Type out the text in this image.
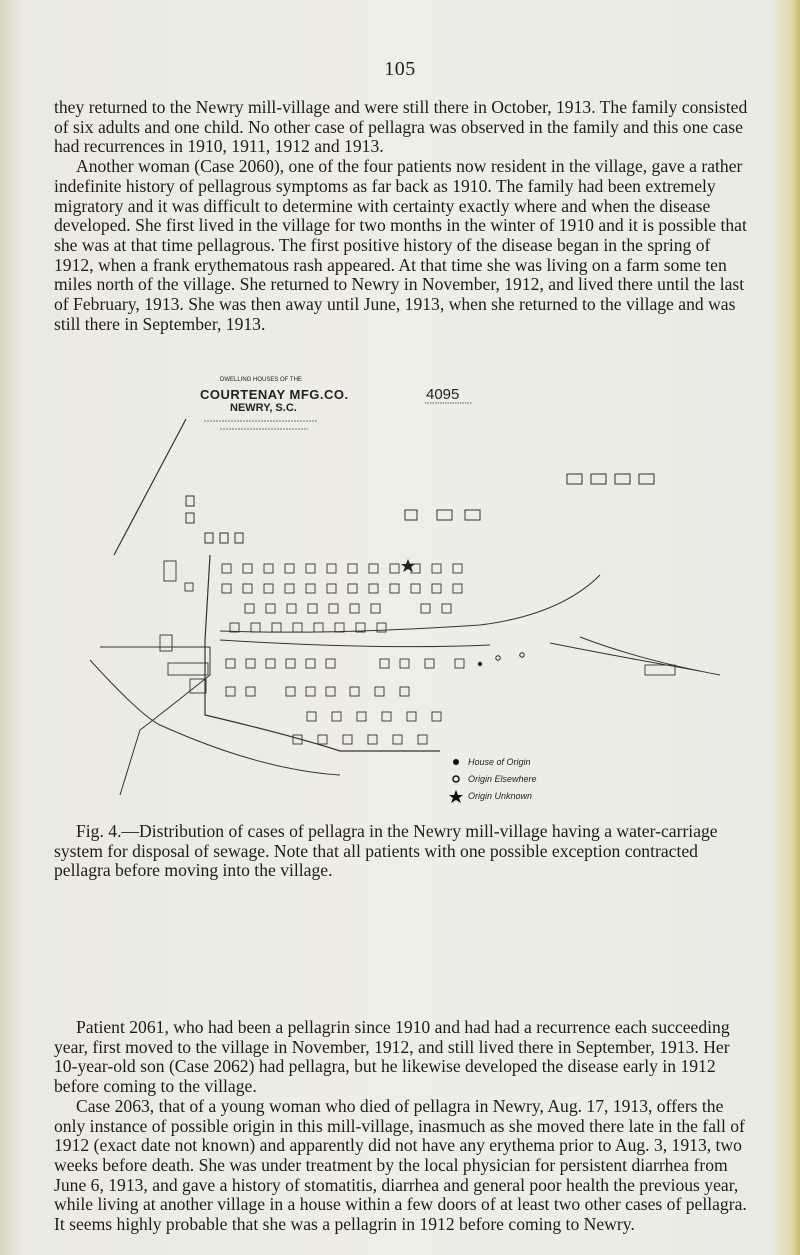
105

they returned to the Newry mill-village and were still there in October, 1913. The family consisted of six adults and one child. No other case of pellagra was observed in the family and this one case had recurrences in 1910, 1911, 1912 and 1913.

Another woman (Case 2060), one of the four patients now resident in the village, gave a rather indefinite history of pellagrous symptoms as far back as 1910. The family had been extremely migratory and it was difficult to determine with certainty exactly where and when the disease developed. She first lived in the village for two months in the winter of 1910 and it is possible that she was at that time pellagrous. The first positive history of the disease began in the spring of 1912, when a frank erythematous rash appeared. At that time she was living on a farm some ten miles north of the village. She returned to Newry in November, 1912, and lived there until the last of February, 1913. She was then away until June, 1913, when she returned to the village and was still there in September, 1913.

DWELLING HOUSES OF THE
COURTENAY MFG.CO.
NEWRY, S.C.
4095
House of Origin
Origin Elsewhere
Origin Unknown

Fig. 4.—Distribution of cases of pellagra in the Newry mill-village having a water-carriage system for disposal of sewage. Note that all patients with one possible exception contracted pellagra before moving into the village.

Patient 2061, who had been a pellagrin since 1910 and had had a recurrence each succeeding year, first moved to the village in November, 1912, and still lived there in September, 1913. Her 10-year-old son (Case 2062) had pellagra, but he likewise developed the disease early in 1912 before coming to the village.

Case 2063, that of a young woman who died of pellagra in Newry, Aug. 17, 1913, offers the only instance of possible origin in this mill-village, inasmuch as she moved there late in the fall of 1912 (exact date not known) and apparently did not have any erythema prior to Aug. 3, 1913, two weeks before death. She was under treatment by the local physician for persistent diarrhea from June 6, 1913, and gave a history of stomatitis, diarrhea and general poor health the previous year, while living at another village in a house within a few doors of at least two other cases of pellagra. It seems highly probable that she was a pellagrin in 1912 before coming to Newry.
